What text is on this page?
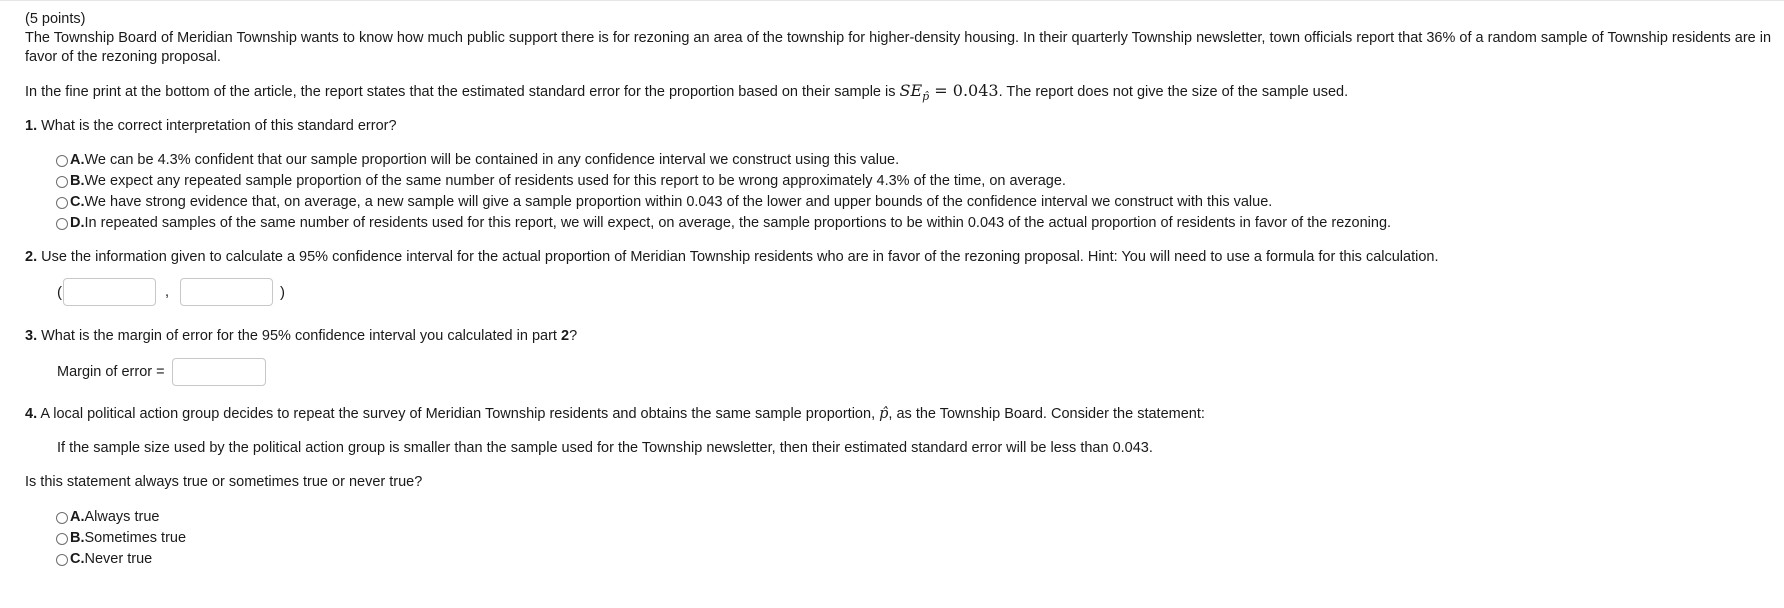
(5 points)

The Township Board of Meridian Township wants to know how much public support there is for rezoning an area of the township for higher-density housing. In their quarterly Township newsletter, town officials report that 36% of a random sample of Township residents are in favor of the rezoning proposal.

In the fine print at the bottom of the article, the report states that the estimated standard error for the proportion based on their sample is $SE_{p̂} = 0.043$. The report does not give the size of the sample used.

1. What is the correct interpretation of this standard error?

A. We can be 4.3% confident that our sample proportion will be contained in any confidence interval we construct using this value.
B. We expect any repeated sample proportion of the same number of residents used for this report to be wrong approximately 4.3% of the time, on average.
C. We have strong evidence that, on average, a new sample will give a sample proportion within 0.043 of the lower and upper bounds of the confidence interval we construct with this value.
D. In repeated samples of the same number of residents used for this report, we will expect, on average, the sample proportions to be within 0.043 of the actual proportion of residents in favor of the rezoning.

2. Use the information given to calculate a 95% confidence interval for the actual proportion of Meridian Township residents who are in favor of the rezoning proposal. Hint: You will need to use a formula for this calculation.

(	,	)

3. What is the margin of error for the 95% confidence interval you calculated in part 2?

Margin of error =

4. A local political action group decides to repeat the survey of Meridian Township residents and obtains the same sample proportion, p̂, as the Township Board. Consider the statement:

If the sample size used by the political action group is smaller than the sample used for the Township newsletter, then their estimated standard error will be less than 0.043.

Is this statement always true or sometimes true or never true?

A. Always true
B. Sometimes true
C. Never true
